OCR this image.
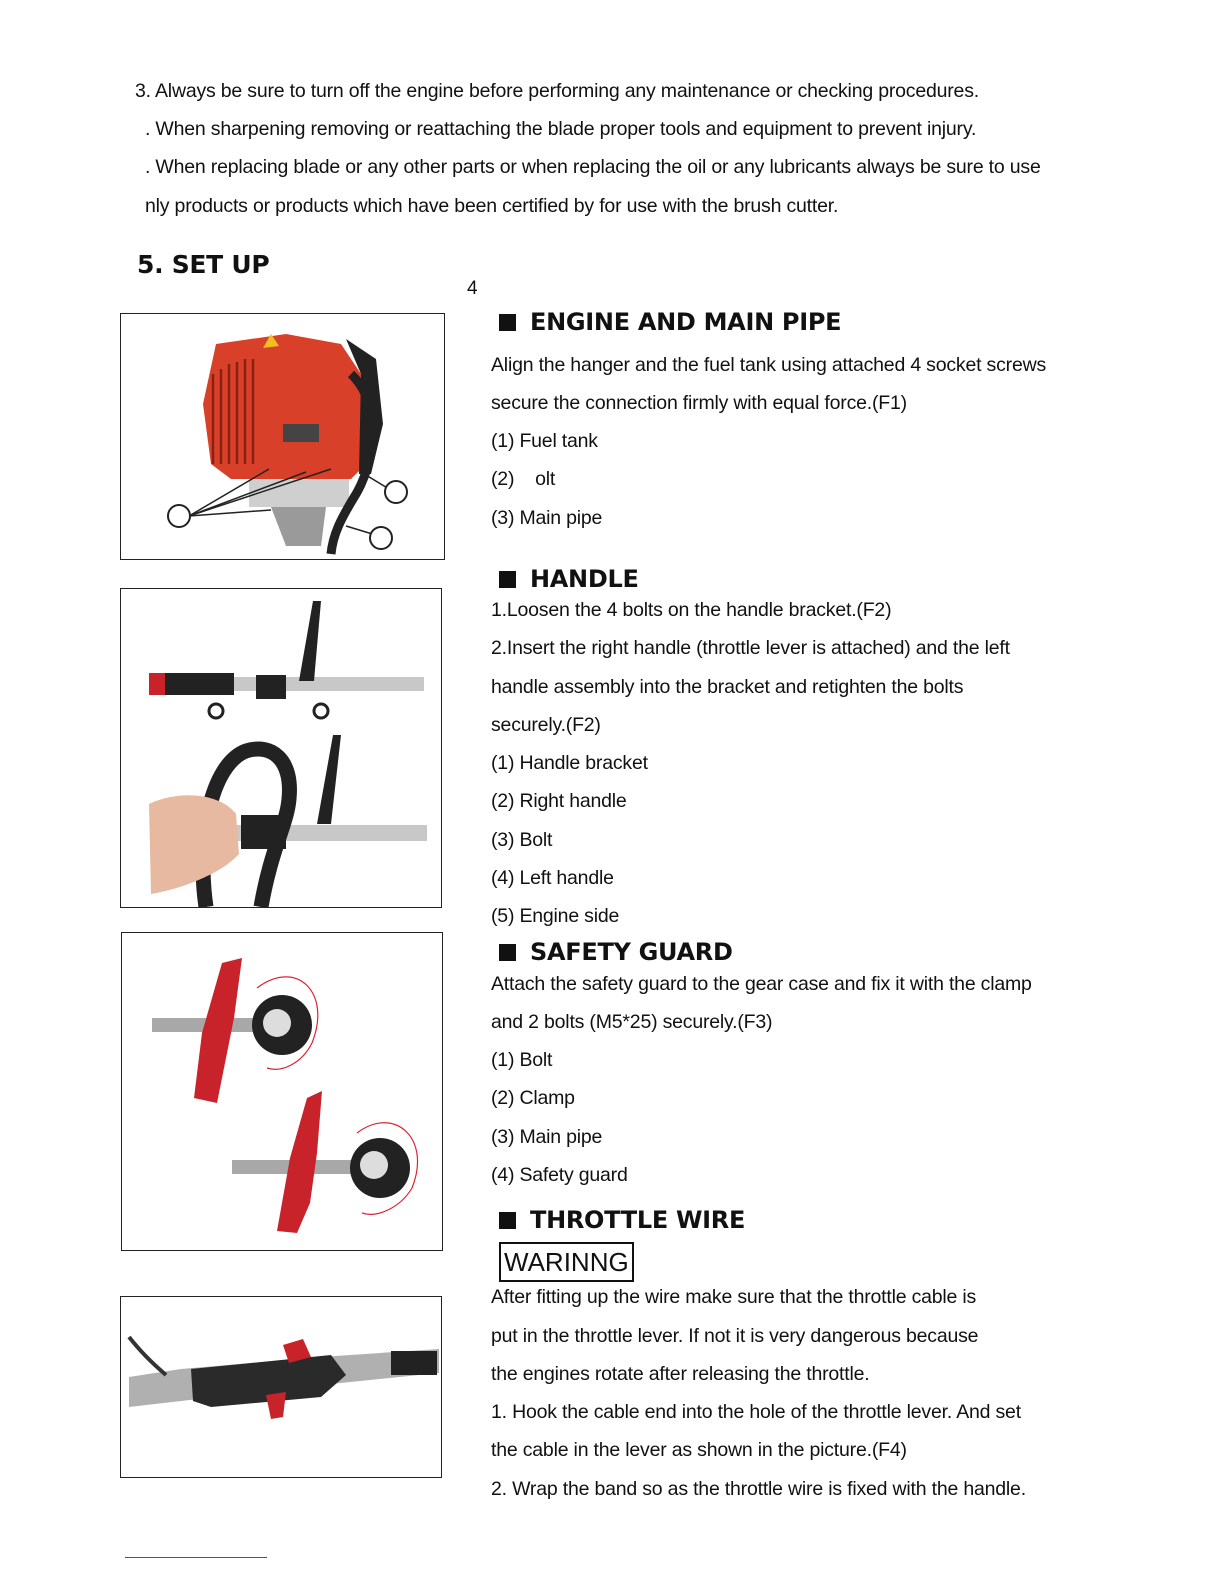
3. Always be sure to turn off the engine before performing any maintenance or checking procedures.
. When sharpening removing or reattaching the blade proper tools and equipment to prevent injury.
. When replacing blade or any other parts or when replacing the oil or any lubricants always be sure to use
nly products or products which have been certified by for use with the brush cutter.
5. SET UP
4
ENGINE AND MAIN PIPE
Align the hanger and the fuel tank using attached 4 socket screws
secure the connection firmly with equal force.(F1)
(1) Fuel tank
(2)    olt
(3) Main pipe
HANDLE
1.Loosen the 4 bolts on the handle bracket.(F2)
2.Insert the right handle (throttle lever is attached) and the left
handle assembly into the bracket and retighten the bolts
securely.(F2)
(1) Handle bracket
(2) Right handle
(3) Bolt
(4) Left handle
(5) Engine side
SAFETY GUARD
Attach the safety guard to the gear case and fix it with the clamp
and 2 bolts (M5*25) securely.(F3)
(1) Bolt
(2) Clamp
(3) Main pipe
(4) Safety guard
THROTTLE WIRE
WARINNG
After fitting up the wire make sure that the throttle cable is
put in the throttle lever. If not it is very dangerous because
the engines rotate after releasing the throttle.
1. Hook the cable end into the hole of the throttle lever. And set
the cable in the lever as shown in the picture.(F4)
2. Wrap the band so as the throttle wire is fixed with the handle.
